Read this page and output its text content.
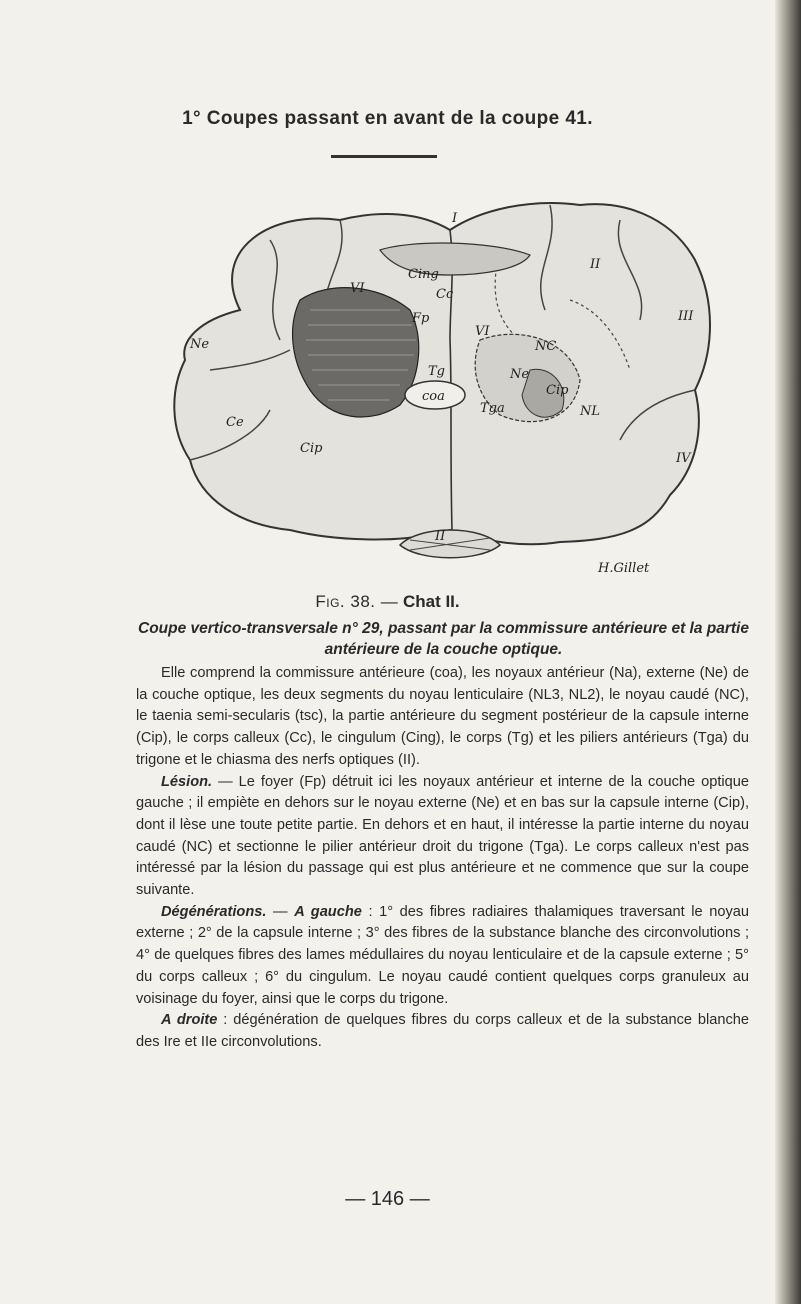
1° Coupes passant en avant de la coupe 41.
I
II
III
IV
II
VI
VI
Ne
Ce
Cip
Cing
Cc
Fp
Tg
Tga
NC
Ne
coa	Cip
NL
H.Gillet
Fig. 38. — Chat II.
Coupe vertico-transversale n° 29, passant par la commissure antérieure et la partie antérieure de la couche optique.

Elle comprend la commissure antérieure (coa), les noyaux antérieur (Na), externe (Ne) de la couche optique, les deux segments du noyau lenticulaire (NL3, NL2), le noyau caudé (NC), le taenia semi-secularis (tsc), la partie antérieure du segment postérieur de la capsule interne (Cip), le corps calleux (Cc), le cingulum (Cing), le corps (Tg) et les piliers antérieurs (Tga) du trigone et le chiasma des nerfs optiques (II).

Lésion. — Le foyer (Fp) détruit ici les noyaux antérieur et interne de la couche optique gauche ; il empiète en dehors sur le noyau externe (Ne) et en bas sur la capsule interne (Cip), dont il lèse une toute petite partie. En dehors et en haut, il intéresse la partie interne du noyau caudé (NC) et sectionne le pilier antérieur droit du trigone (Tga). Le corps calleux n'est pas intéressé par la lésion du passage qui est plus antérieure et ne commence que sur la coupe suivante.

Dégénérations. — A gauche : 1° des fibres radiaires thalamiques traversant le noyau externe ; 2° de la capsule interne ; 3° des fibres de la substance blanche des circonvolutions ; 4° de quelques fibres des lames médullaires du noyau lenticulaire et de la capsule externe ; 5° du corps calleux ; 6° du cingulum. Le noyau caudé contient quelques corps granuleux au voisinage du foyer, ainsi que le corps du trigone.

A droite : dégénération de quelques fibres du corps calleux et de la substance blanche des Ire et IIe circonvolutions.

— 146 —
